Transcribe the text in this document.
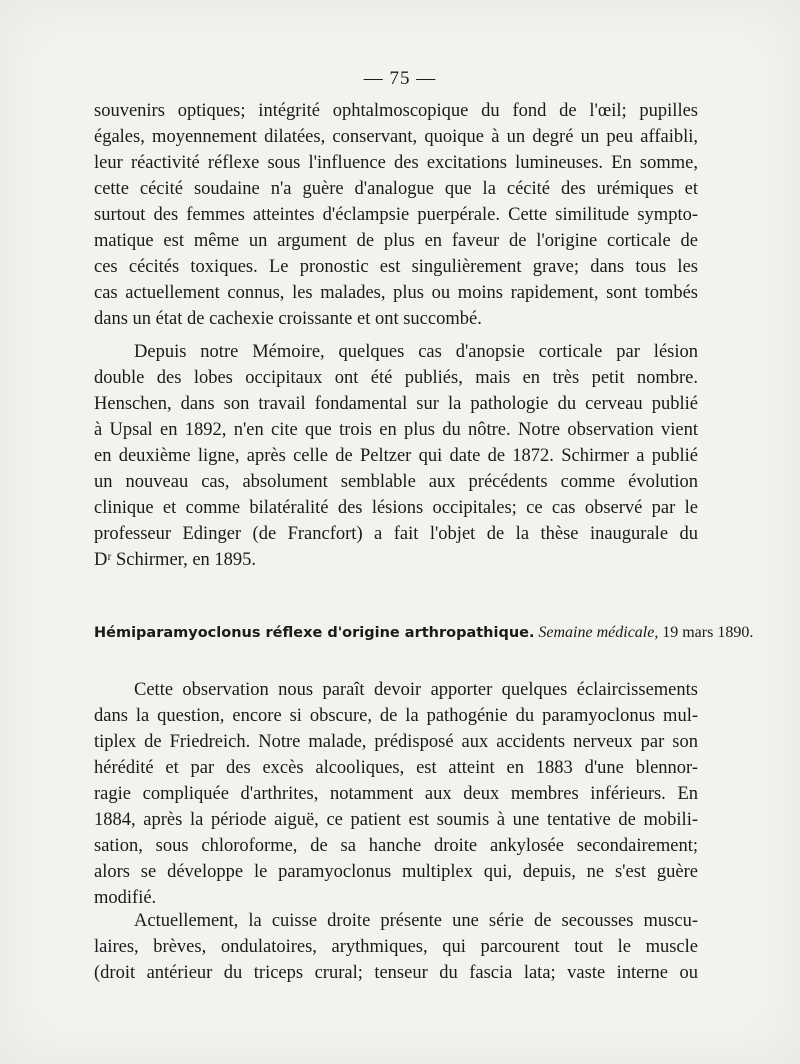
— 75 —
souvenirs optiques; intégrité ophtalmoscopique du fond de l'œil; pupilles
égales, moyennement dilatées, conservant, quoique à un degré un peu affaibli,
leur réactivité réflexe sous l'influence des excitations lumineuses. En somme,
cette cécité soudaine n'a guère d'analogue que la cécité des urémiques et
surtout des femmes atteintes d'éclampsie puerpérale. Cette similitude sympto-
matique est même un argument de plus en faveur de l'origine corticale de
ces cécités toxiques. Le pronostic est singulièrement grave; dans tous les
cas actuellement connus, les malades, plus ou moins rapidement, sont tombés
dans un état de cachexie croissante et ont succombé.
Depuis notre Mémoire, quelques cas d'anopsie corticale par lésion
double des lobes occipitaux ont été publiés, mais en très petit nombre.
Henschen, dans son travail fondamental sur la pathologie du cerveau publié
à Upsal en 1892, n'en cite que trois en plus du nôtre. Notre observation vient
en deuxième ligne, après celle de Peltzer qui date de 1872. Schirmer a publié
un nouveau cas, absolument semblable aux précédents comme évolution
clinique et comme bilatéralité des lésions occipitales; ce cas observé par le
professeur Edinger (de Francfort) a fait l'objet de la thèse inaugurale du
Dʳ Schirmer, en 1895.
Hémiparamyoclonus réflexe d'origine arthropathique. Semaine médicale, 19 mars 1890.
Cette observation nous paraît devoir apporter quelques éclaircissements
dans la question, encore si obscure, de la pathogénie du paramyoclonus mul-
tiplex de Friedreich. Notre malade, prédisposé aux accidents nerveux par son
hérédité et par des excès alcooliques, est atteint en 1883 d'une blennor-
ragie compliquée d'arthrites, notamment aux deux membres inférieurs. En
1884, après la période aiguë, ce patient est soumis à une tentative de mobili-
sation, sous chloroforme, de sa hanche droite ankylosée secondairement;
alors se développe le paramyoclonus multiplex qui, depuis, ne s'est guère
modifié.
Actuellement, la cuisse droite présente une série de secousses muscu-
laires, brèves, ondulatoires, arythmiques, qui parcourent tout le muscle
(droit antérieur du triceps crural; tenseur du fascia lata; vaste interne ou
